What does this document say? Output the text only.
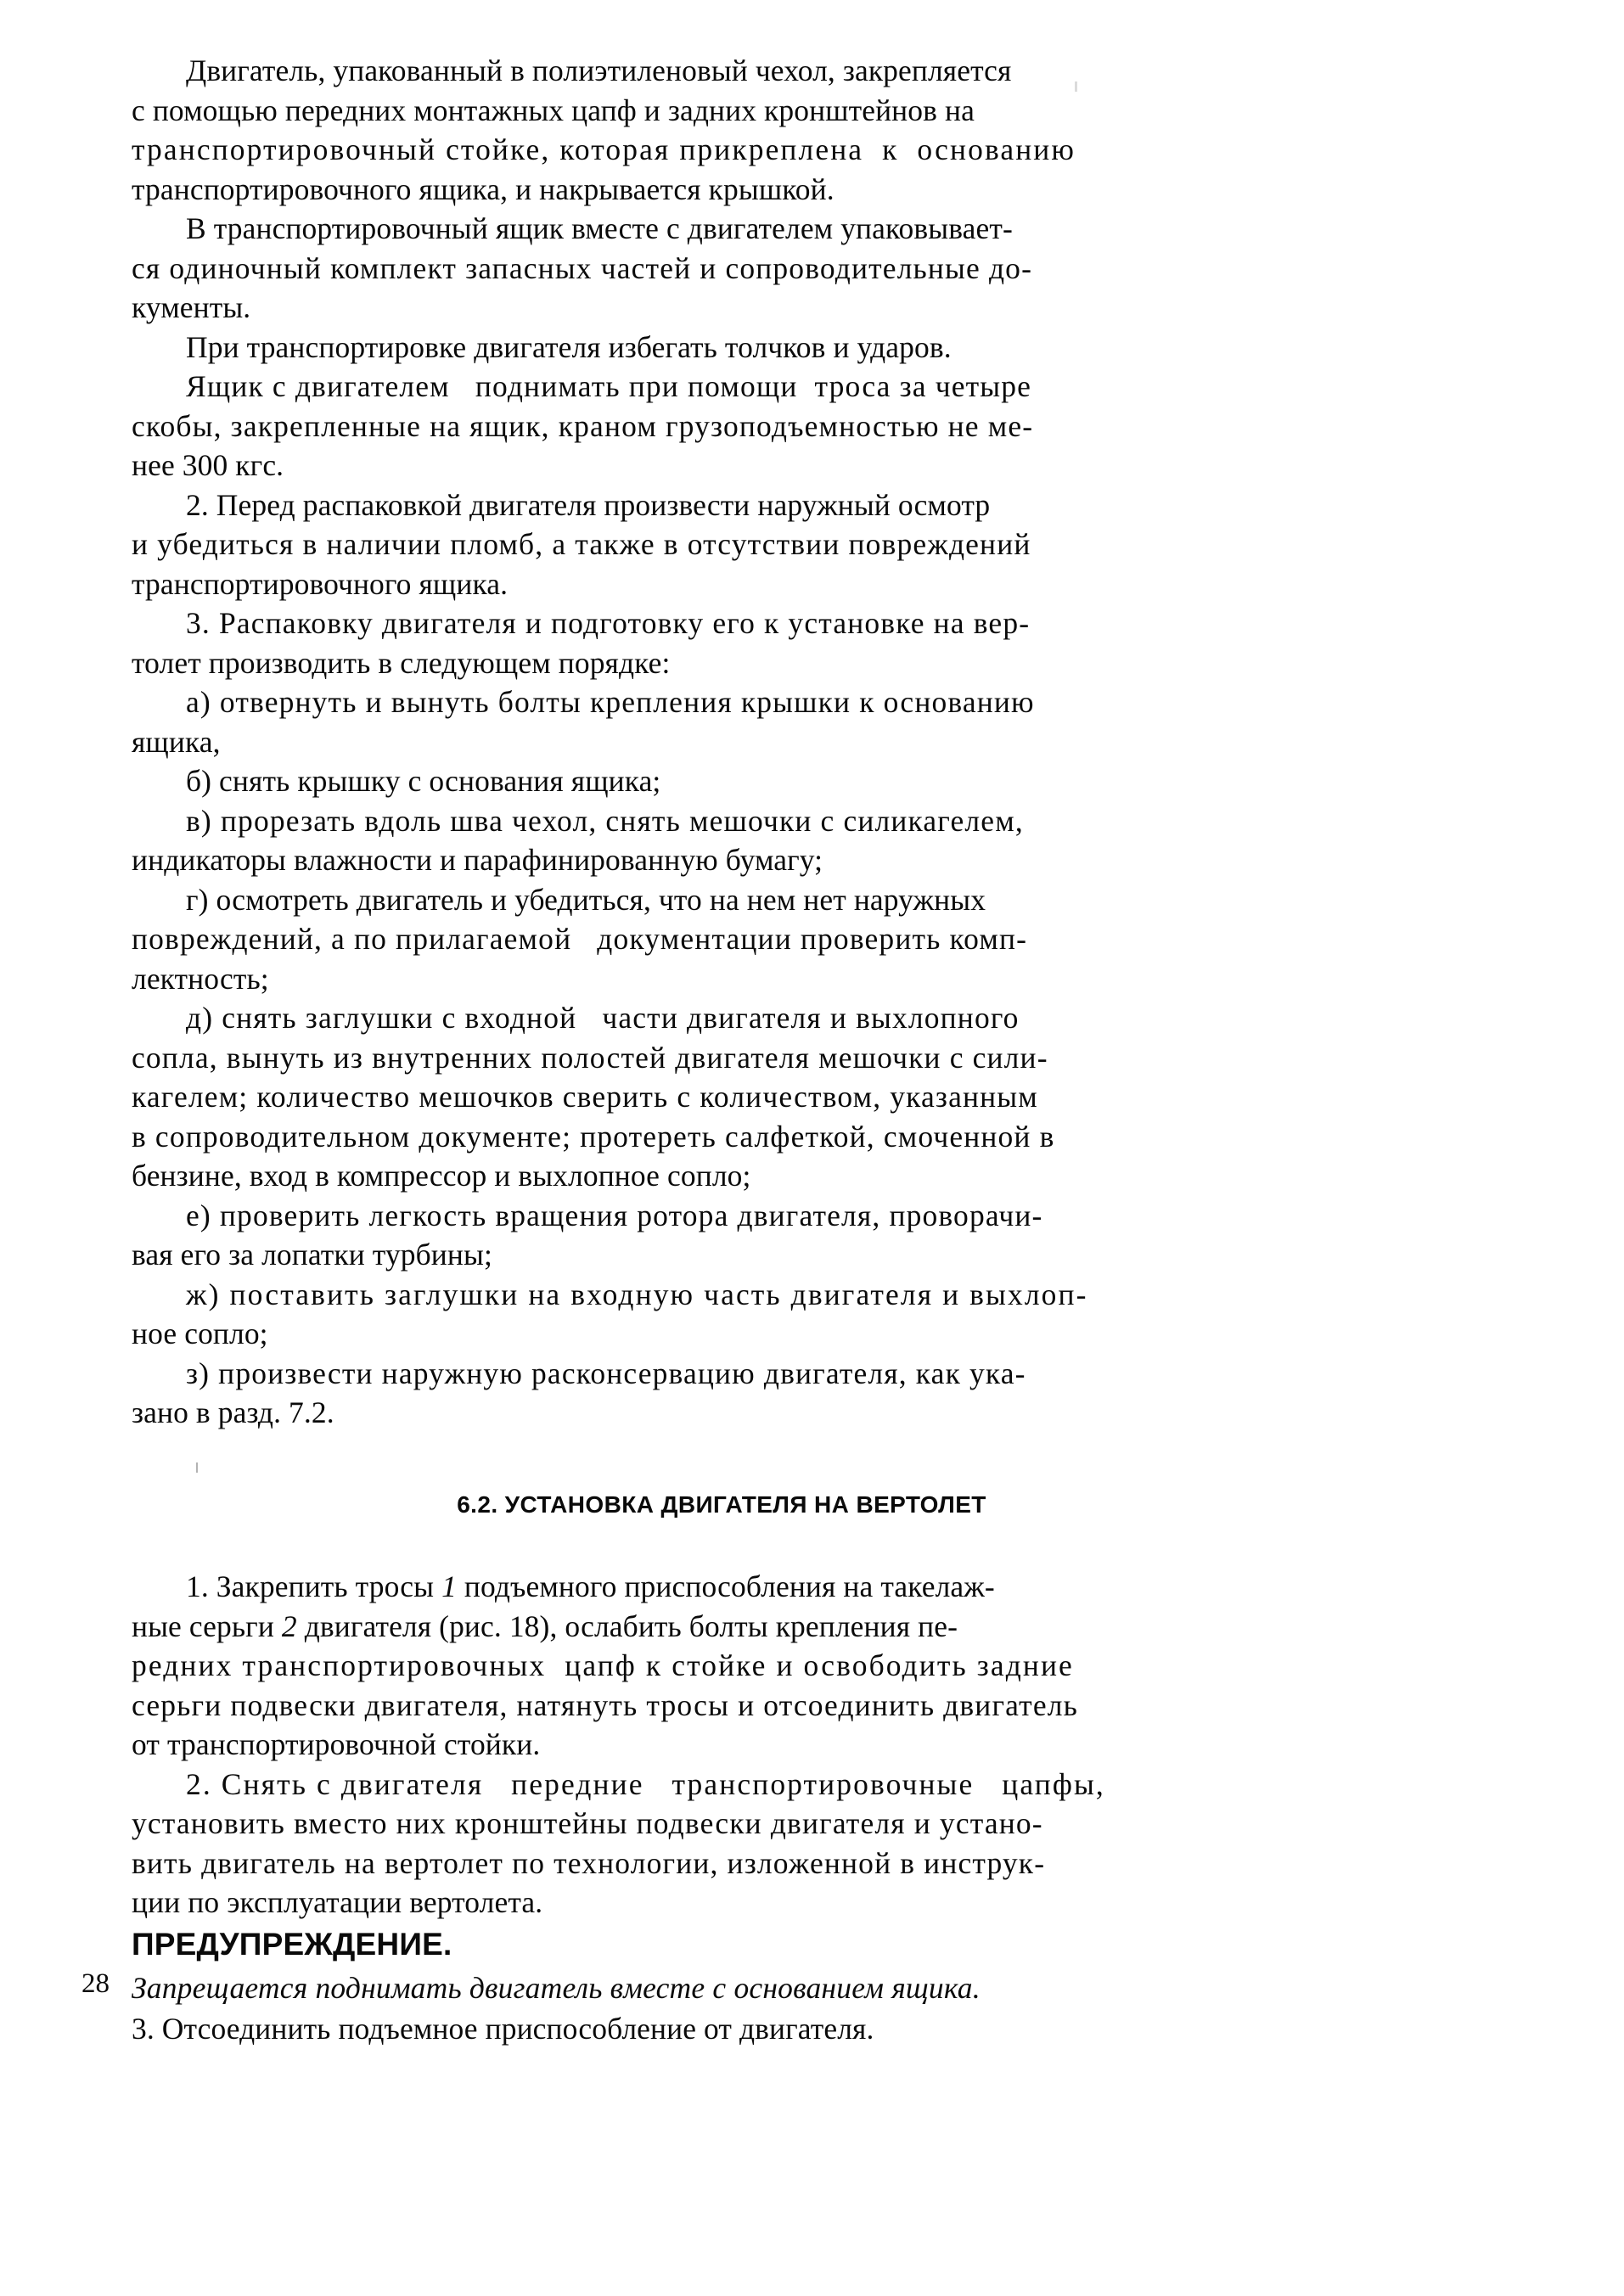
Двигатель, упакованный в полиэтиленовый чехол, закрепляется
с помощью передних монтажных цапф и задних кронштейнов на
транспортировочный стойке, которая прикреплена  к  основанию
транспортировочного ящика, и накрывается крышкой.
В транспортировочный ящик вместе с двигателем упаковывает-
ся одиночный комплект запасных частей и сопроводительные до-
кументы.
При транспортировке двигателя избегать толчков и ударов.
Ящик с двигателем   поднимать при помощи  троса за четыре
скобы, закрепленные на ящик, краном грузоподъемностью не ме-
нее 300 кгс.
2. Перед распаковкой двигателя произвести наружный осмотр
и убедиться в наличии пломб, а также в отсутствии повреждений
транспортировочного ящика.
3. Распаковку двигателя и подготовку его к установке на вер-
толет производить в следующем порядке:
а) отвернуть и вынуть болты крепления крышки к основанию
ящика,
б) снять крышку с основания ящика;
в) прорезать вдоль шва чехол, снять мешочки с силикагелем,
индикаторы влажности и парафинированную бумагу;
г) осмотреть двигатель и убедиться, что на нем нет наружных
повреждений, а по прилагаемой   документации проверить комп-
лектность;
д) снять заглушки с входной   части двигателя и выхлопного
сопла, вынуть из внутренних полостей двигателя мешочки с сили-
кагелем; количество мешочков сверить с количеством, указанным
в сопроводительном документе; протереть салфеткой, смоченной в
бензине, вход в компрессор и выхлопное сопло;
е) проверить легкость вращения ротора двигателя, проворачи-
вая его за лопатки турбины;
ж) поставить заглушки на входную часть двигателя и выхлоп-
ное сопло;
з) произвести наружную расконсервацию двигателя, как ука-
зано в разд. 7.2.
6.2. УСТАНОВКА ДВИГАТЕЛЯ НА ВЕРТОЛЕТ
1. Закрепить тросы 1 подъемного приспособления на такелаж-
ные серьги 2 двигателя (рис. 18), ослабить болты крепления пе-
редних транспортировочных  цапф к стойке и освободить задние
серьги подвески двигателя, натянуть тросы и отсоединить двигатель
от транспортировочной стойки.
2. Снять с двигателя   передние   транспортировочные   цапфы,
установить вместо них кронштейны подвески двигателя и устано-
вить двигатель на вертолет по технологии, изложенной в инструк-
ции по эксплуатации вертолета.
ПРЕДУПРЕЖДЕНИЕ.
Запрещается поднимать двигатель вместе с основанием ящика.
3. Отсоединить подъемное приспособление от двигателя.
28
